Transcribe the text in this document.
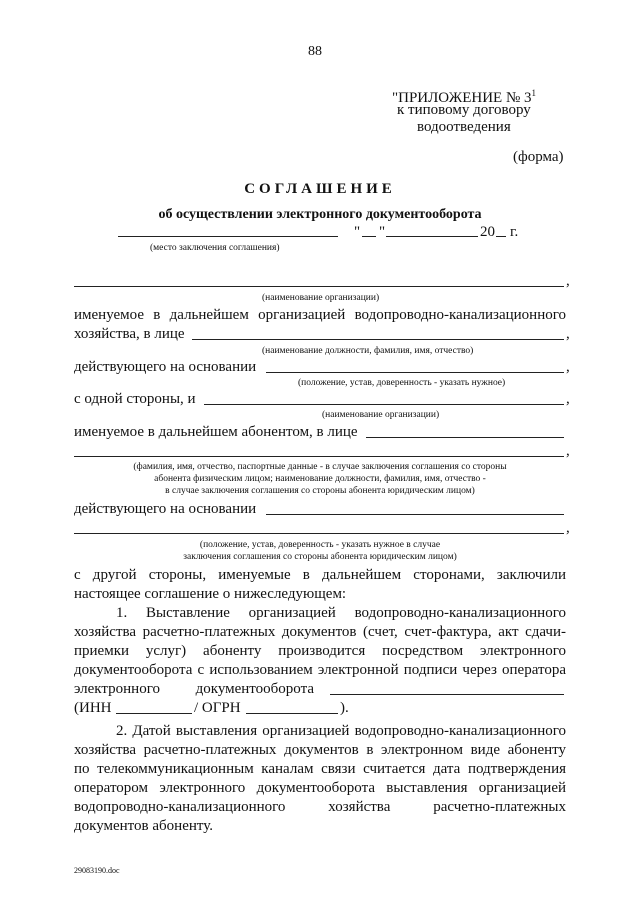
88
"ПРИЛОЖЕНИЕ № $3^1$
к типовому договору
водоотведения
(форма)
СОГЛАШЕНИЕ
об осуществлении электронного документооборота
" "	20 г.
(место заключения соглашения)
,
(наименование организации)
именуемое в дальнейшем организацией водопроводно-канализационного
хозяйства, в лице	,
(наименование должности, фамилия, имя, отчество)
действующего на основании	,
(положение, устав, доверенность - указать нужное)
с одной стороны, и	,
(наименование организации)
именуемое в дальнейшем абонентом, в лице
,
(фамилия, имя, отчество, паспортные данные - в случае заключения соглашения со стороны
абонента физическим лицом; наименование должности, фамилия, имя, отчество -
в случае заключения соглашения со стороны абонента юридическим лицом)
действующего на основании
,
(положение, устав, доверенность - указать нужное в случае
заключения соглашения со стороны абонента юридическим лицом)
с другой стороны, именуемые в дальнейшем сторонами, заключили
настоящее соглашение о нижеследующем:
1. Выставление организацией водопроводно-канализационного
хозяйства расчетно-платежных документов (счет, счет-фактура, акт сдачи-
приемки услуг) абоненту производится посредством электронного
документооборота с использованием электронной подписи через оператора
электронного документооборота
(ИНН	/ ОГРН	).
2. Датой выставления организацией водопроводно-канализационного
хозяйства расчетно-платежных документов в электронном виде абоненту
по телекоммуникационным каналам связи считается дата подтверждения
оператором электронного документооборота выставления организацией
водопроводно-канализационного хозяйства расчетно-платежных
документов абоненту.
29083190.doc
